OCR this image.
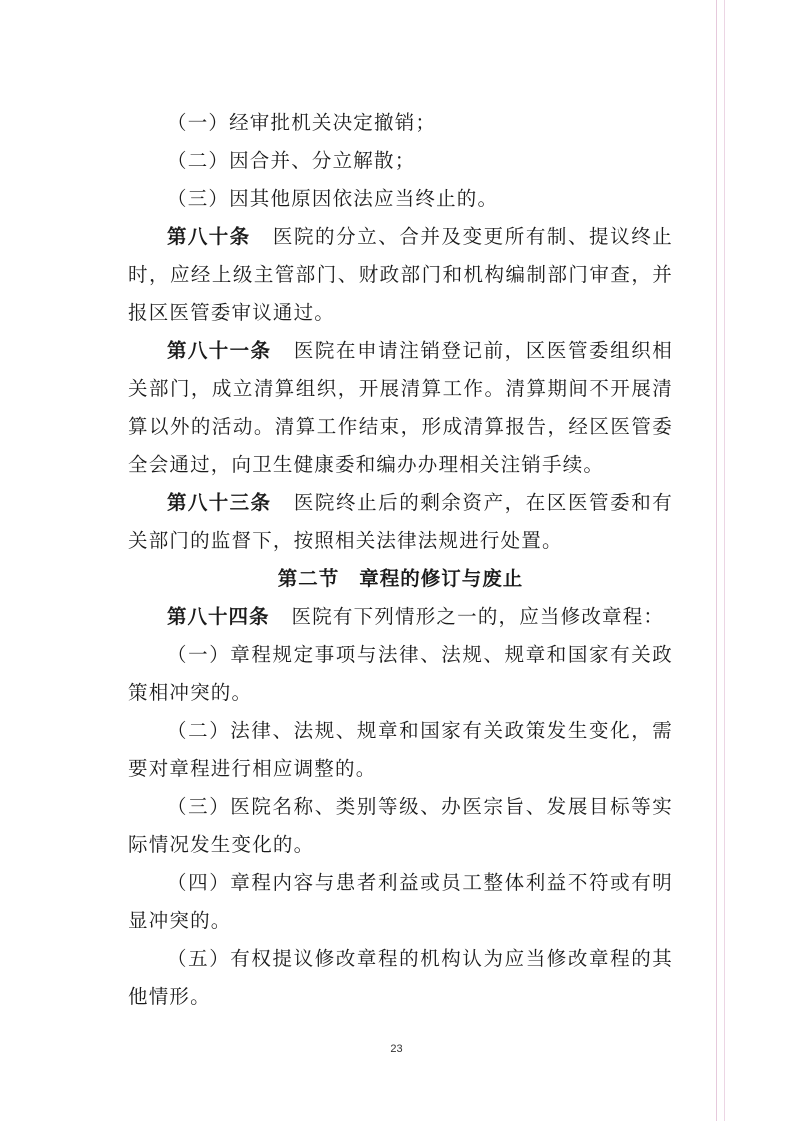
（一）经审批机关决定撤销；

（二）因合并、分立解散；

（三）因其他原因依法应当终止的。

第八十条 医院的分立、合并及变更所有制、提议终止时，应经上级主管部门、财政部门和机构编制部门审查，并报区医管委审议通过。

第八十一条 医院在申请注销登记前，区医管委组织相关部门，成立清算组织，开展清算工作。清算期间不开展清算以外的活动。清算工作结束，形成清算报告，经区医管委全会通过，向卫生健康委和编办办理相关注销手续。

第八十三条 医院终止后的剩余资产，在区医管委和有关部门的监督下，按照相关法律法规进行处置。

第二节 章程的修订与废止

第八十四条 医院有下列情形之一的，应当修改章程：

（一）章程规定事项与法律、法规、规章和国家有关政策相冲突的。

（二）法律、法规、规章和国家有关政策发生变化，需要对章程进行相应调整的。

（三）医院名称、类别等级、办医宗旨、发展目标等实际情况发生变化的。

（四）章程内容与患者利益或员工整体利益不符或有明显冲突的。

（五）有权提议修改章程的机构认为应当修改章程的其他情形。

23
